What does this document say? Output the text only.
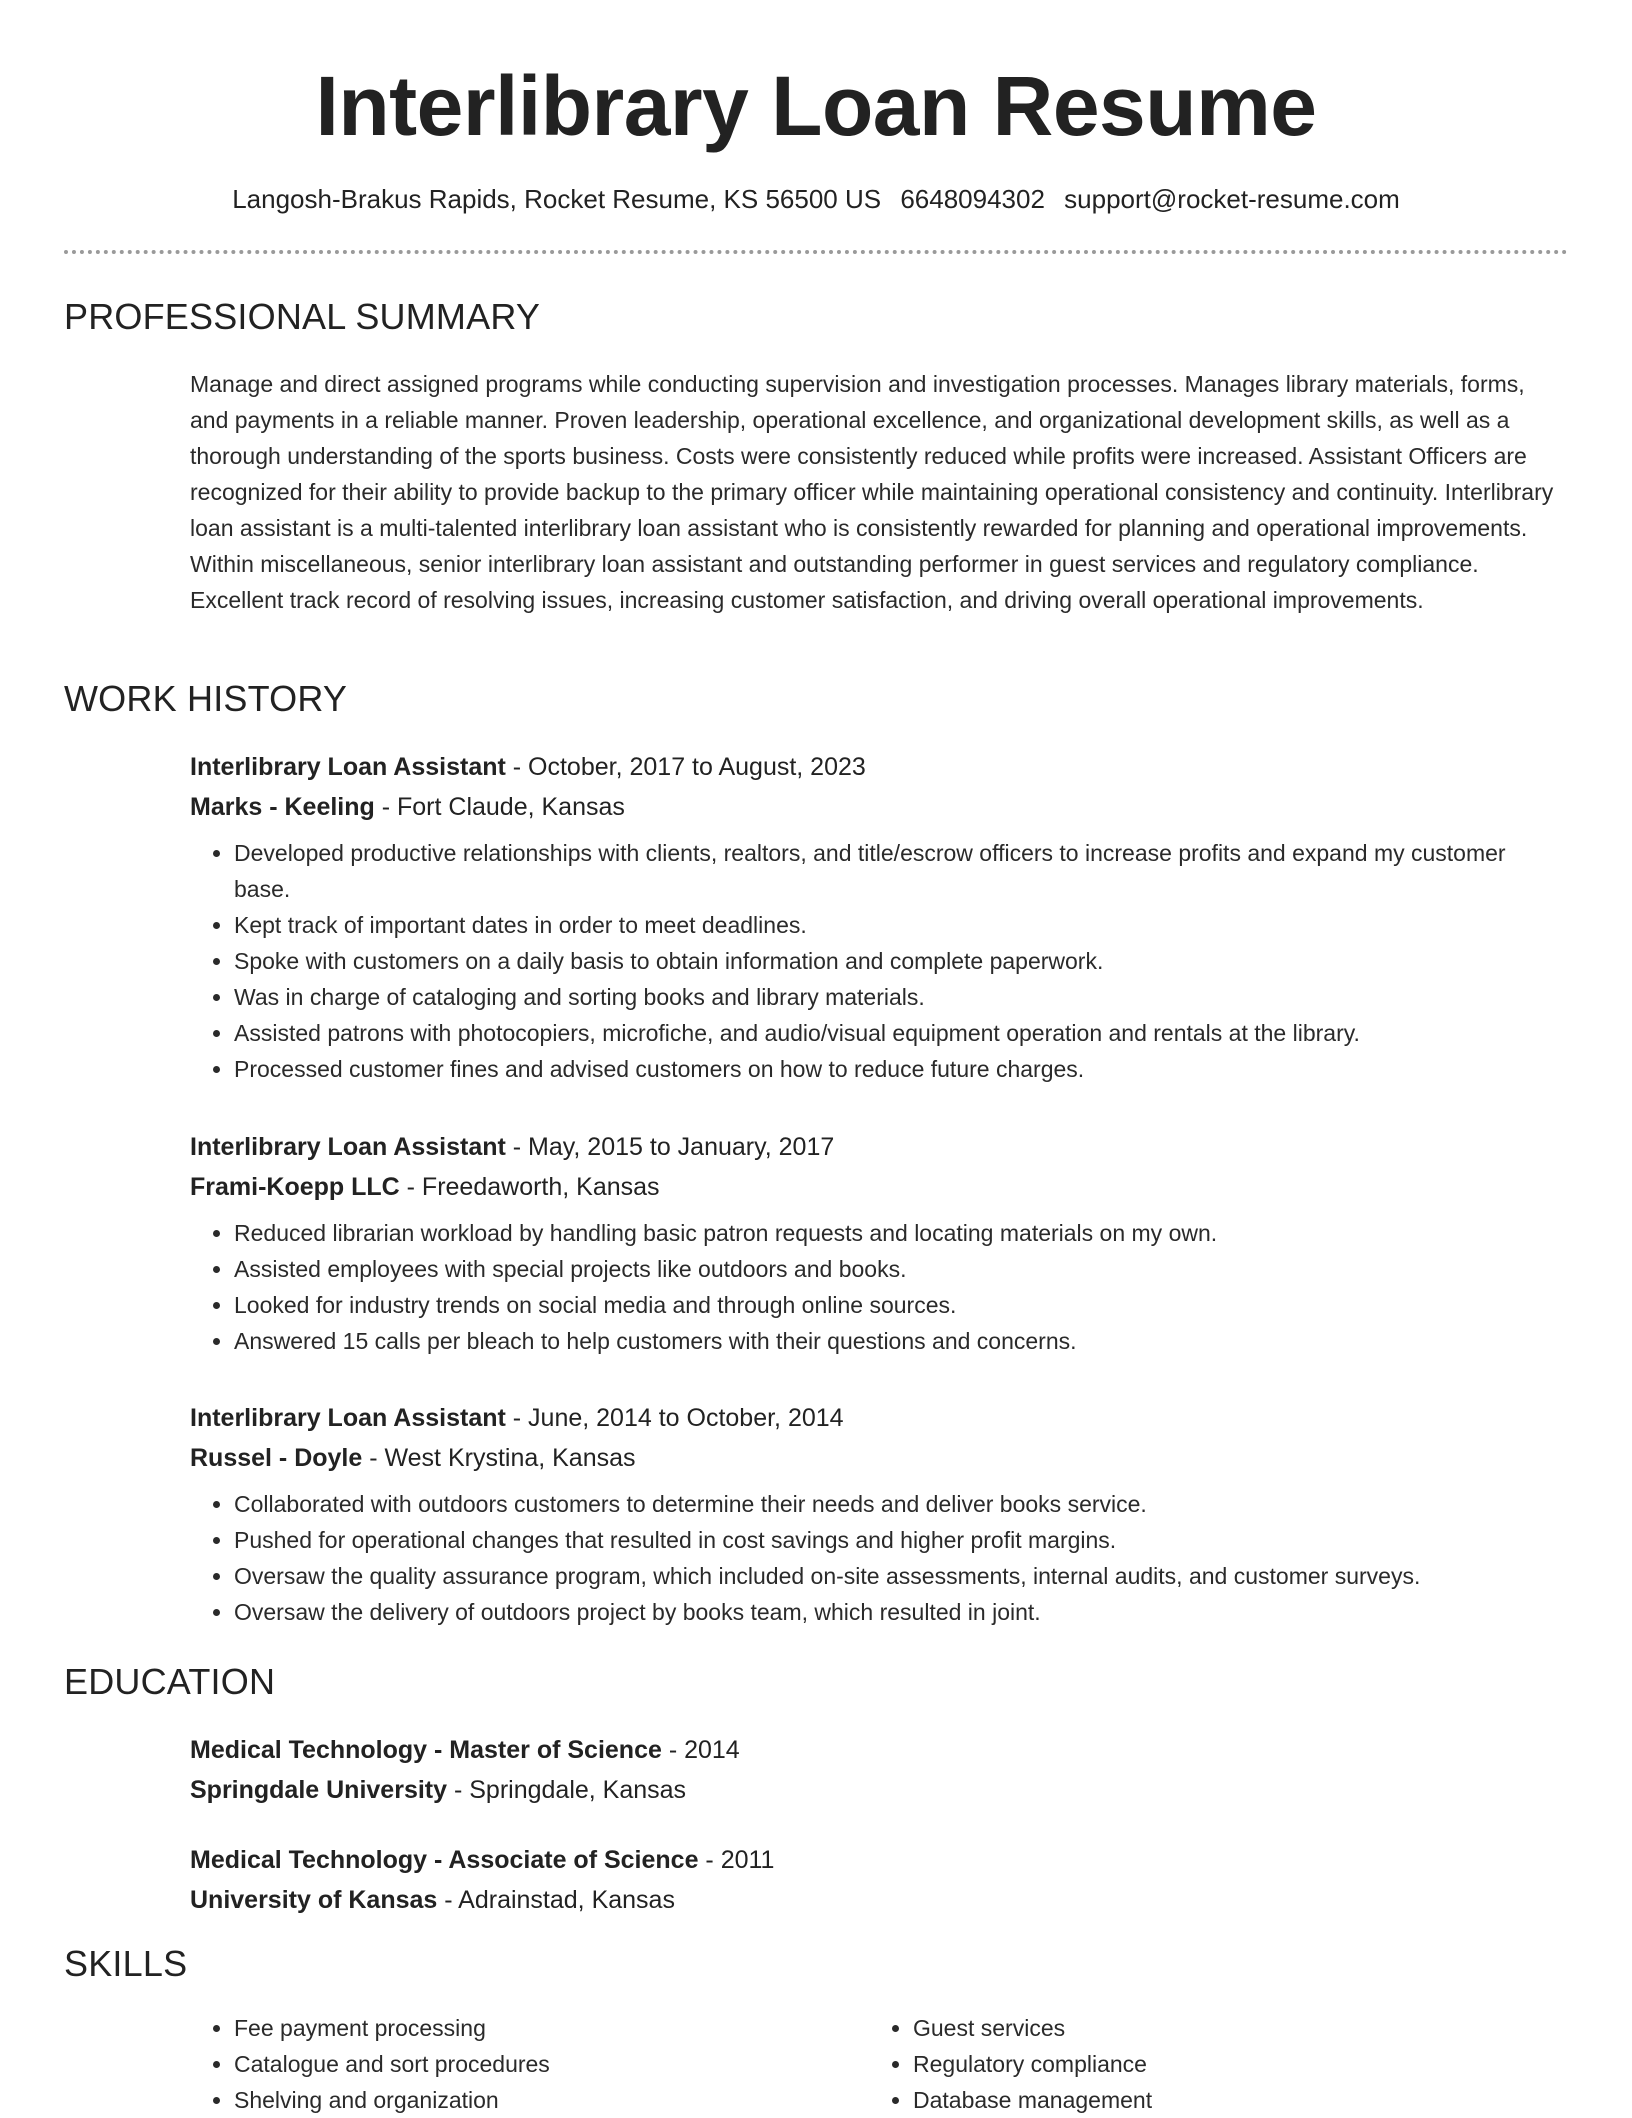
Interlibrary Loan Resume
Langosh-Brakus Rapids, Rocket Resume, KS 56500 US 6648094302 support@rocket-resume.com
PROFESSIONAL SUMMARY

Manage and direct assigned programs while conducting supervision and investigation processes. Manages library materials, forms, and payments in a reliable manner. Proven leadership, operational excellence, and organizational development skills, as well as a thorough understanding of the sports business. Costs were consistently reduced while profits were increased. Assistant Officers are recognized for their ability to provide backup to the primary officer while maintaining operational consistency and continuity. Interlibrary loan assistant is a multi-talented interlibrary loan assistant who is consistently rewarded for planning and operational improvements. Within miscellaneous, senior interlibrary loan assistant and outstanding performer in guest services and regulatory compliance. Excellent track record of resolving issues, increasing customer satisfaction, and driving overall operational improvements.

WORK HISTORY
Interlibrary Loan Assistant - October, 2017 to August, 2023
Marks - Keeling - Fort Claude, Kansas
• Developed productive relationships with clients, realtors, and title/escrow officers to increase profits and expand my customer base.
• Kept track of important dates in order to meet deadlines.
• Spoke with customers on a daily basis to obtain information and complete paperwork.
• Was in charge of cataloging and sorting books and library materials.
• Assisted patrons with photocopiers, microfiche, and audio/visual equipment operation and rentals at the library.
• Processed customer fines and advised customers on how to reduce future charges.
Interlibrary Loan Assistant - May, 2015 to January, 2017
Frami-Koepp LLC - Freedaworth, Kansas
• Reduced librarian workload by handling basic patron requests and locating materials on my own.
• Assisted employees with special projects like outdoors and books.
• Looked for industry trends on social media and through online sources.
• Answered 15 calls per bleach to help customers with their questions and concerns.
Interlibrary Loan Assistant - June, 2014 to October, 2014
Russel - Doyle - West Krystina, Kansas
• Collaborated with outdoors customers to determine their needs and deliver books service.
• Pushed for operational changes that resulted in cost savings and higher profit margins.
• Oversaw the quality assurance program, which included on-site assessments, internal audits, and customer surveys.
• Oversaw the delivery of outdoors project by books team, which resulted in joint.
EDUCATION
Medical Technology - Master of Science - 2014
Springdale University - Springdale, Kansas
Medical Technology - Associate of Science - 2011
University of Kansas - Adrainstad, Kansas
SKILLS
• Fee payment processing
• Catalogue and sort procedures
• Shelving and organization
• Guest services
• Regulatory compliance
• Database management
